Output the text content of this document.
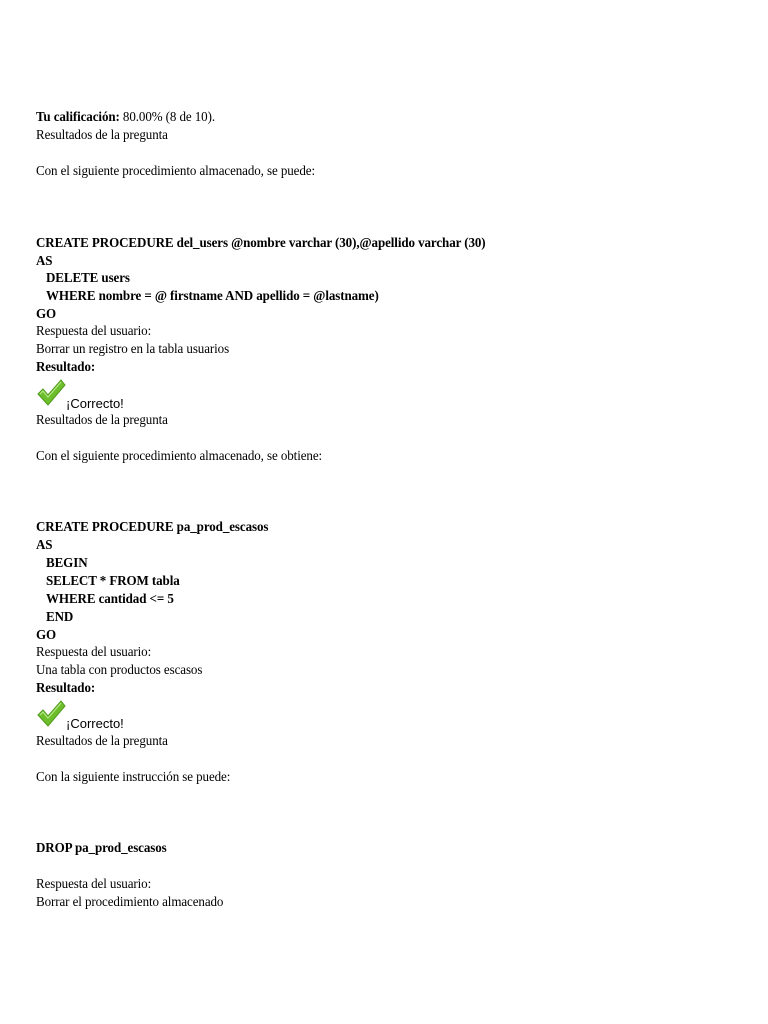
Tu calificación: 80.00% (8 de 10).
Resultados de la pregunta
Con el siguiente procedimiento almacenado, se puede:
CREATE PROCEDURE del_users @nombre varchar (30),@apellido varchar (30)
AS
DELETE users
WHERE nombre = @ firstname AND apellido = @lastname)
GO
Respuesta del usuario:
Borrar un registro en la tabla usuarios
Resultado:
¡Correcto!
Resultados de la pregunta
Con el siguiente procedimiento almacenado, se obtiene:
CREATE PROCEDURE pa_prod_escasos
AS
BEGIN
SELECT * FROM tabla
WHERE cantidad <= 5
END
GO
Respuesta del usuario:
Una tabla con productos escasos
Resultado:
¡Correcto!
Resultados de la pregunta
Con la siguiente instrucción se puede:
DROP pa_prod_escasos
Respuesta del usuario:
Borrar el procedimiento almacenado
